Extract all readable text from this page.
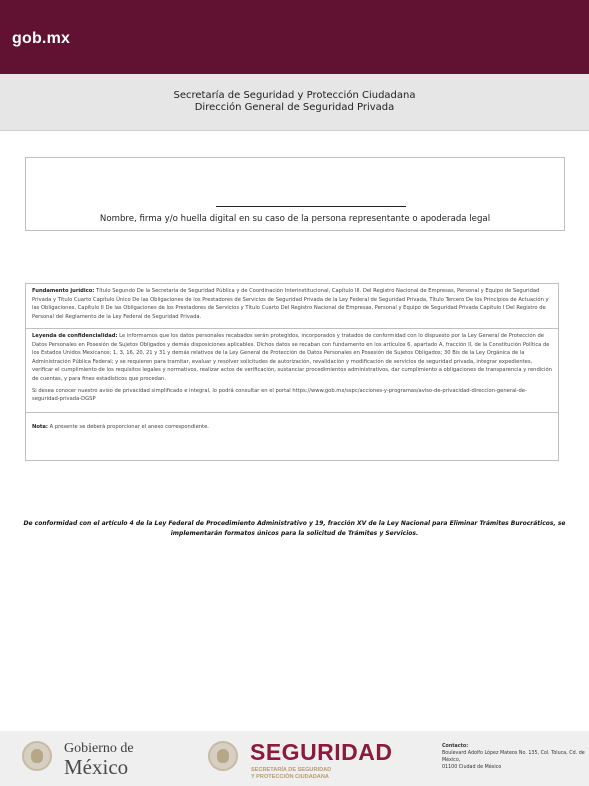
gob.mx
Secretaría de Seguridad y Protección Ciudadana
Dirección General de Seguridad Privada
Nombre, firma y/o huella digital en su caso de la persona representante o apoderada legal
Fundamento jurídico: Título Segundo De la Secretaría de Seguridad Pública y de Coordinación Interinstitucional, Capítulo III. Del Registro Nacional de Empresas, Personal y Equipo de Seguridad Privada y Título Cuarto Capítulo Único De las Obligaciones de los Prestadores de Servicios de Seguridad Privada de la Ley Federal de Seguridad Privada, Título Tercero De los Principios de Actuación y las Obligaciones, Capítulo II De las Obligaciones de los Prestadores de Servicios y Título Cuarto Del Registro Nacional de Empresas, Personal y Equipo de Seguridad Privada Capítulo I Del Registro de Personal del Reglamento de la Ley Federal de Seguridad Privada.

Leyenda de confidencialidad: Le informamos que los datos personales recabados serán protegidos, incorporados y tratados de conformidad con lo dispuesto por la Ley General de Protección de Datos Personales en Posesión de Sujetos Obligados y demás disposiciones aplicables. Dichos datos se recaban con fundamento en los artículos 6, apartado A, fracción II, de la Constitución Política de los Estados Unidos Mexicanos; 1, 3, 16, 20, 21 y 31 y demás relativos de la Ley General de Protección de Datos Personales en Posesión de Sujetos Obligados; 30 Bis de la Ley Orgánica de la Administración Pública Federal; y se requieren para tramitar, evaluar y resolver solicitudes de autorización, revalidación y modificación de servicios de seguridad privada, integrar expedientes, verificar el cumplimiento de los requisitos legales y normativos, realizar actos de verificación, sustanciar procedimientos administrativos, dar cumplimiento a obligaciones de transparencia y rendición de cuentas, y para fines estadísticos que procedan.

Si desea conocer nuestro aviso de privacidad simplificado e integral, lo podrá consultar en el portal https://www.gob.mx/sspc/acciones-y-programas/aviso-de-privacidad-direccion-general-de-seguridad-privada-DGSP

Nota: A presente se deberá proporcionar el anexo correspondiente.
De conformidad con el artículo 4 de la Ley Federal de Procedimiento Administrativo y 19, fracción XV de la Ley Nacional para Eliminar Trámites Burocráticos, se implementarán formatos únicos para la solicitud de Trámites y Servicios.
Gobierno de
México
SEGURIDAD
SECRETARÍA DE SEGURIDAD
Y PROTECCIÓN CIUDADANA
Contacto:
Boulevard Adolfo López Mateos No. 135, Col. Toluca, Cd. de México,
01100 Ciudad de México
